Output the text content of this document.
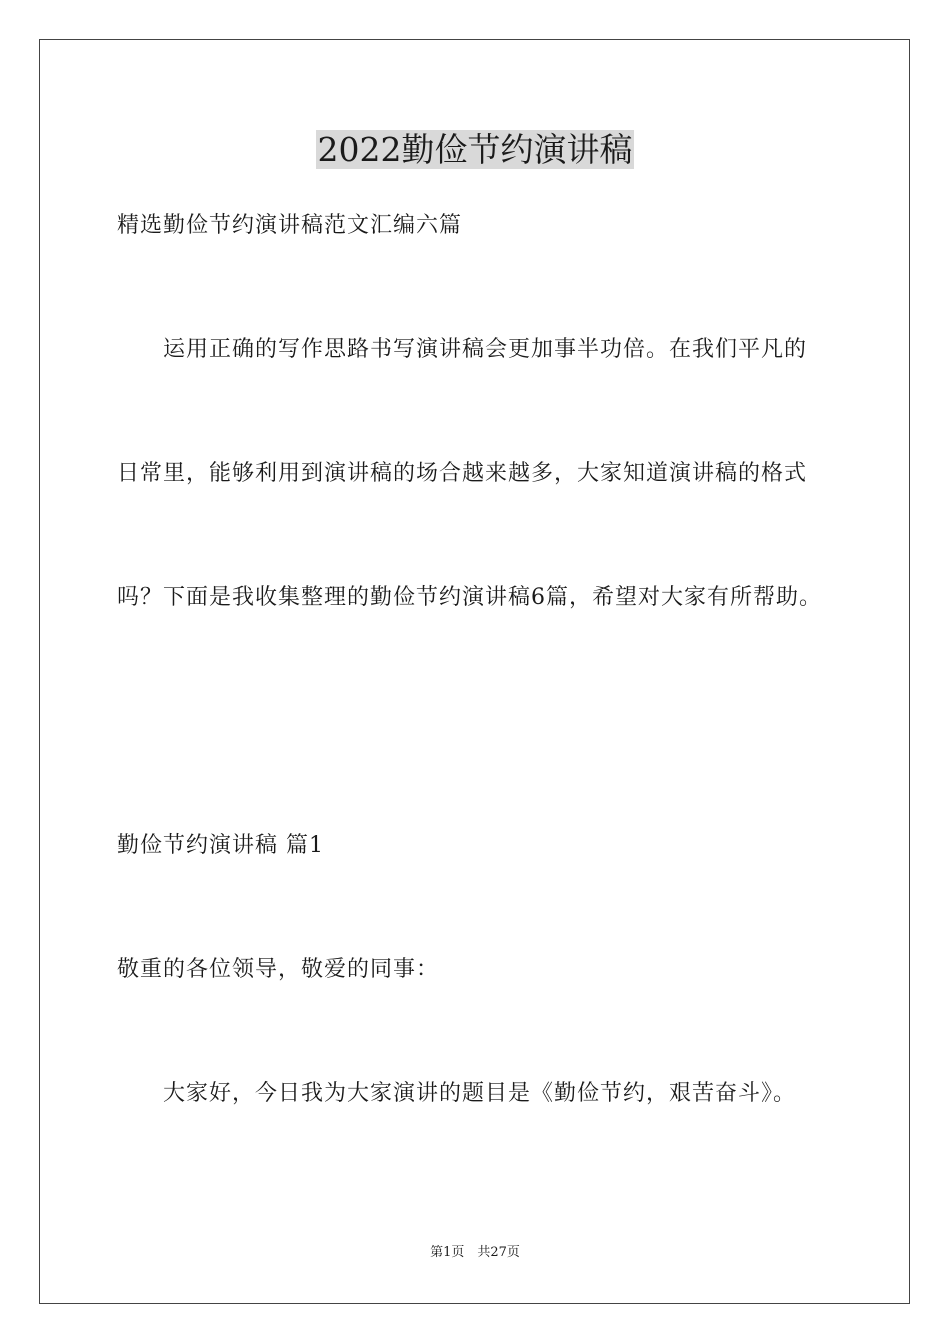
2022勤俭节约演讲稿
精选勤俭节约演讲稿范文汇编六篇
　　运用正确的写作思路书写演讲稿会更加事半功倍。在我们平凡的
日常里，能够利用到演讲稿的场合越来越多，大家知道演讲稿的格式
吗？下面是我收集整理的勤俭节约演讲稿6篇，希望对大家有所帮助。
勤俭节约演讲稿 篇1
敬重的各位领导，敬爱的同事：
　　大家好，今日我为大家演讲的题目是《勤俭节约，艰苦奋斗》。
第1页　共27页
